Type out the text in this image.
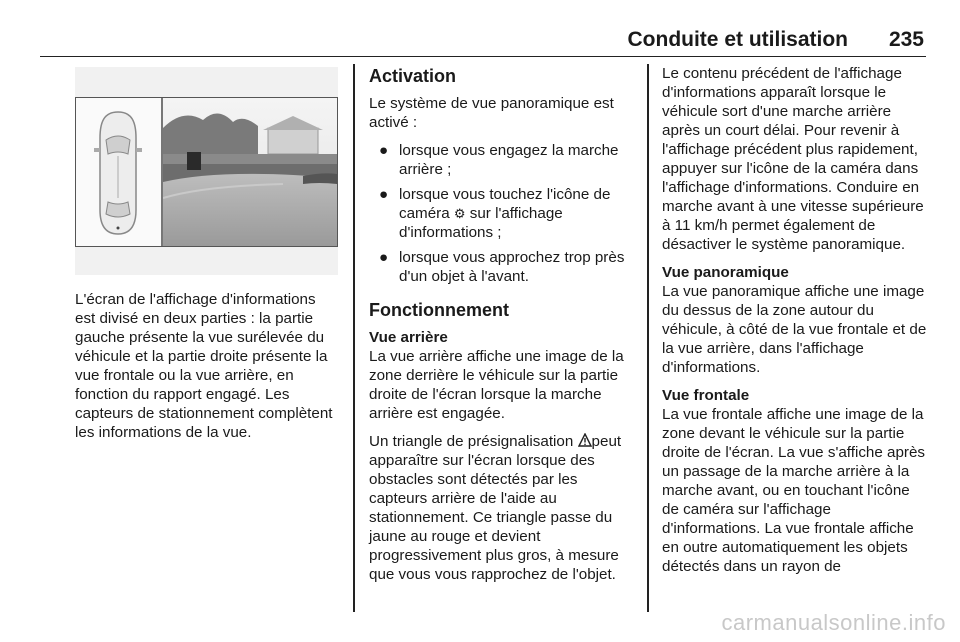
Conduite et utilisation 235

L'écran de l'affichage d'informations est divisé en deux parties : la partie gauche présente la vue surélevée du véhicule et la partie droite présente la vue frontale ou la vue arrière, en fonction du rapport engagé. Les capteurs de stationnement complètent les informations de la vue.

Activation

Le système de vue panoramique est activé :

● lorsque vous engagez la marche arrière ;
● lorsque vous touchez l'icône de caméra ⚙ sur l'affichage d'informations ;
● lorsque vous approchez trop près d'un objet à l'avant.
Fonctionnement
Vue arrière

La vue arrière affiche une image de la zone derrière le véhicule sur la partie droite de l'écran lorsque la marche arrière est engagée.

Un triangle de présignalisation peut apparaître sur l'écran lorsque des obstacles sont détectés par les capteurs arrière de l'aide au stationnement. Ce triangle passe du jaune au rouge et devient progressivement plus gros, à mesure que vous vous rapprochez de l'objet.

Le contenu précédent de l'affichage d'informations apparaît lorsque le véhicule sort d'une marche arrière après un court délai. Pour revenir à l'affichage précédent plus rapidement, appuyer sur l'icône de la caméra dans l'affichage d'informations. Conduire en marche avant à une vitesse supérieure à 11 km/h permet également de désactiver le système panoramique.

Vue panoramique

La vue panoramique affiche une image du dessus de la zone autour du véhicule, à côté de la vue frontale et de la vue arrière, dans l'affichage d'informations.

Vue frontale

La vue frontale affiche une image de la zone devant le véhicule sur la partie droite de l'écran. La vue s'affiche après un passage de la marche arrière à la marche avant, ou en touchant l'icône de caméra sur l'affichage d'informations. La vue frontale affiche en outre automatiquement les objets détectés dans un rayon de

carmanualsonline.info
